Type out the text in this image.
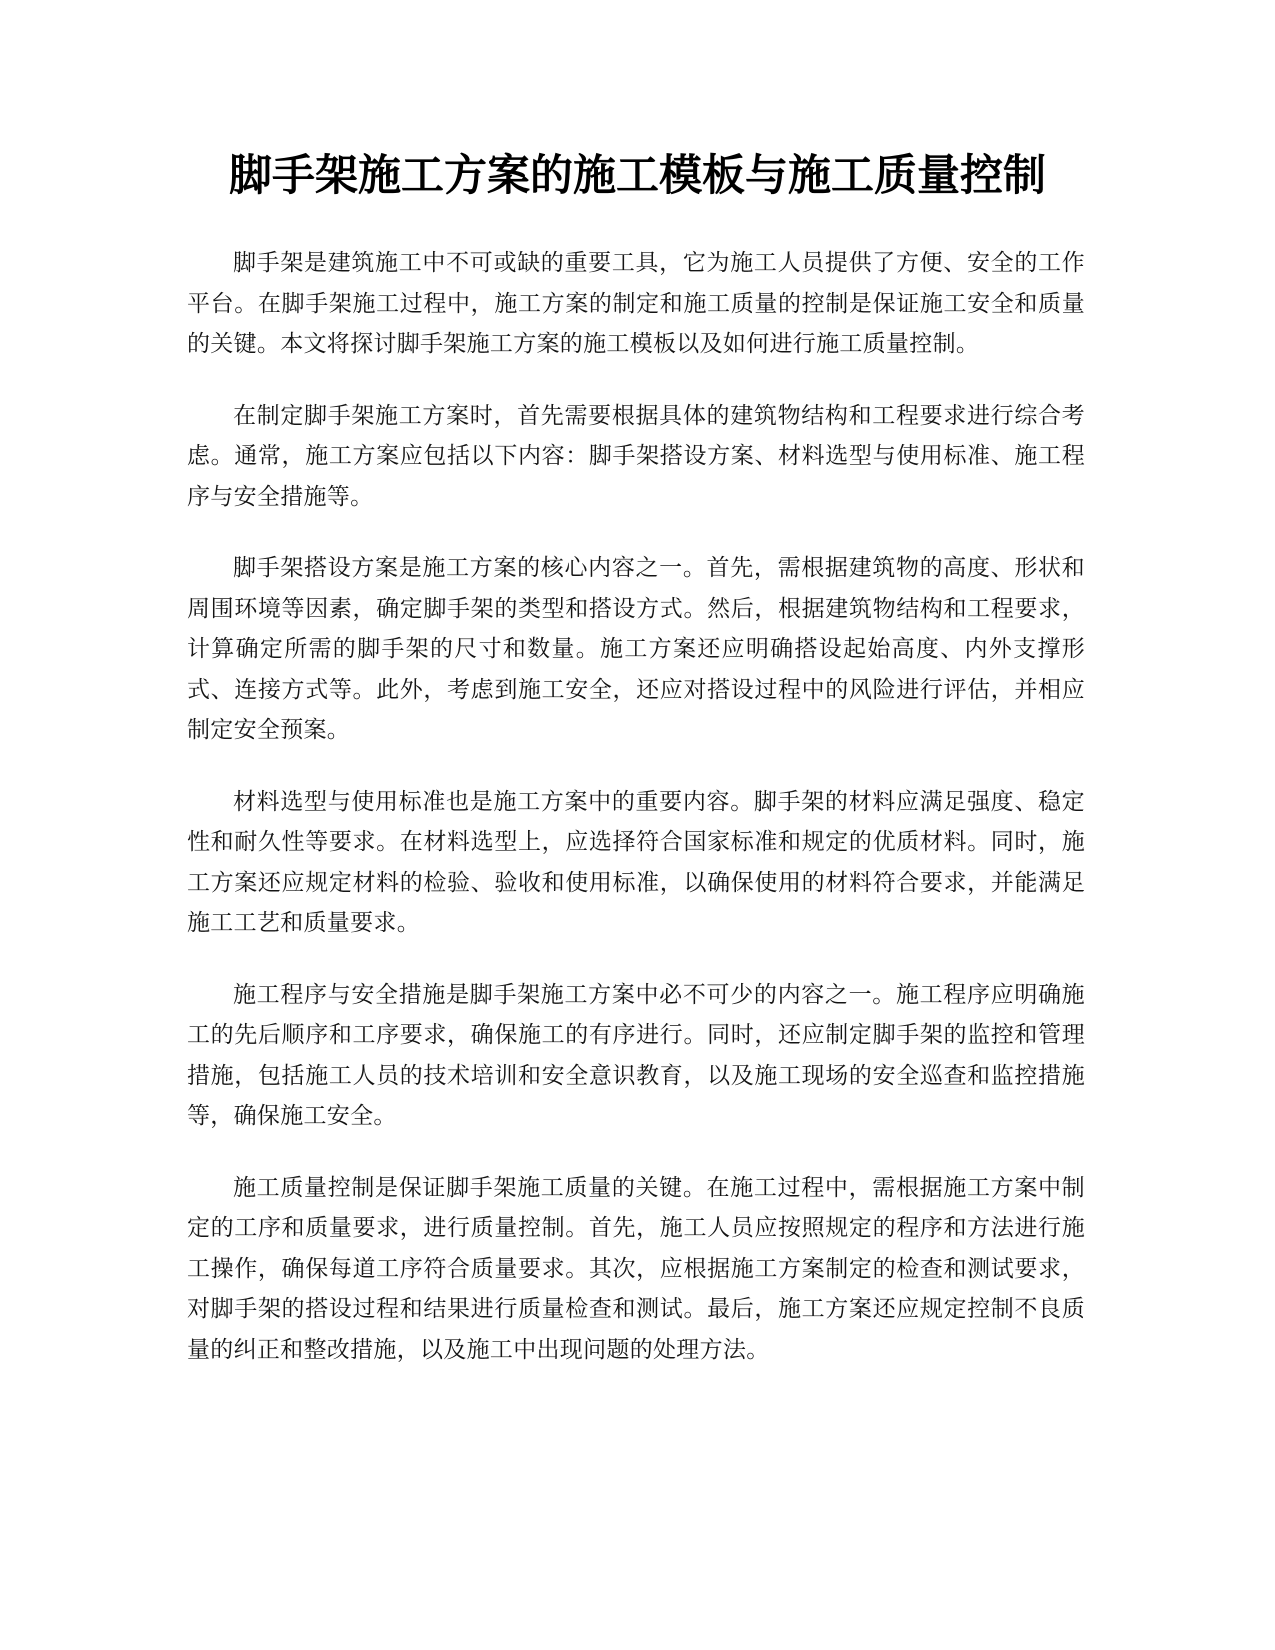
脚手架施工方案的施工模板与施工质量控制

脚手架是建筑施工中不可或缺的重要工具，它为施工人员提供了方便、安全的工作平台。在脚手架施工过程中，施工方案的制定和施工质量的控制是保证施工安全和质量的关键。本文将探讨脚手架施工方案的施工模板以及如何进行施工质量控制。

在制定脚手架施工方案时，首先需要根据具体的建筑物结构和工程要求进行综合考虑。通常，施工方案应包括以下内容：脚手架搭设方案、材料选型与使用标准、施工程序与安全措施等。

脚手架搭设方案是施工方案的核心内容之一。首先，需根据建筑物的高度、形状和周围环境等因素，确定脚手架的类型和搭设方式。然后，根据建筑物结构和工程要求，计算确定所需的脚手架的尺寸和数量。施工方案还应明确搭设起始高度、内外支撑形式、连接方式等。此外，考虑到施工安全，还应对搭设过程中的风险进行评估，并相应制定安全预案。

材料选型与使用标准也是施工方案中的重要内容。脚手架的材料应满足强度、稳定性和耐久性等要求。在材料选型上，应选择符合国家标准和规定的优质材料。同时，施工方案还应规定材料的检验、验收和使用标准，以确保使用的材料符合要求，并能满足施工工艺和质量要求。

施工程序与安全措施是脚手架施工方案中必不可少的内容之一。施工程序应明确施工的先后顺序和工序要求，确保施工的有序进行。同时，还应制定脚手架的监控和管理措施，包括施工人员的技术培训和安全意识教育，以及施工现场的安全巡查和监控措施等，确保施工安全。

施工质量控制是保证脚手架施工质量的关键。在施工过程中，需根据施工方案中制定的工序和质量要求，进行质量控制。首先，施工人员应按照规定的程序和方法进行施工操作，确保每道工序符合质量要求。其次，应根据施工方案制定的检查和测试要求，对脚手架的搭设过程和结果进行质量检查和测试。最后，施工方案还应规定控制不良质量的纠正和整改措施，以及施工中出现问题的处理方法。
